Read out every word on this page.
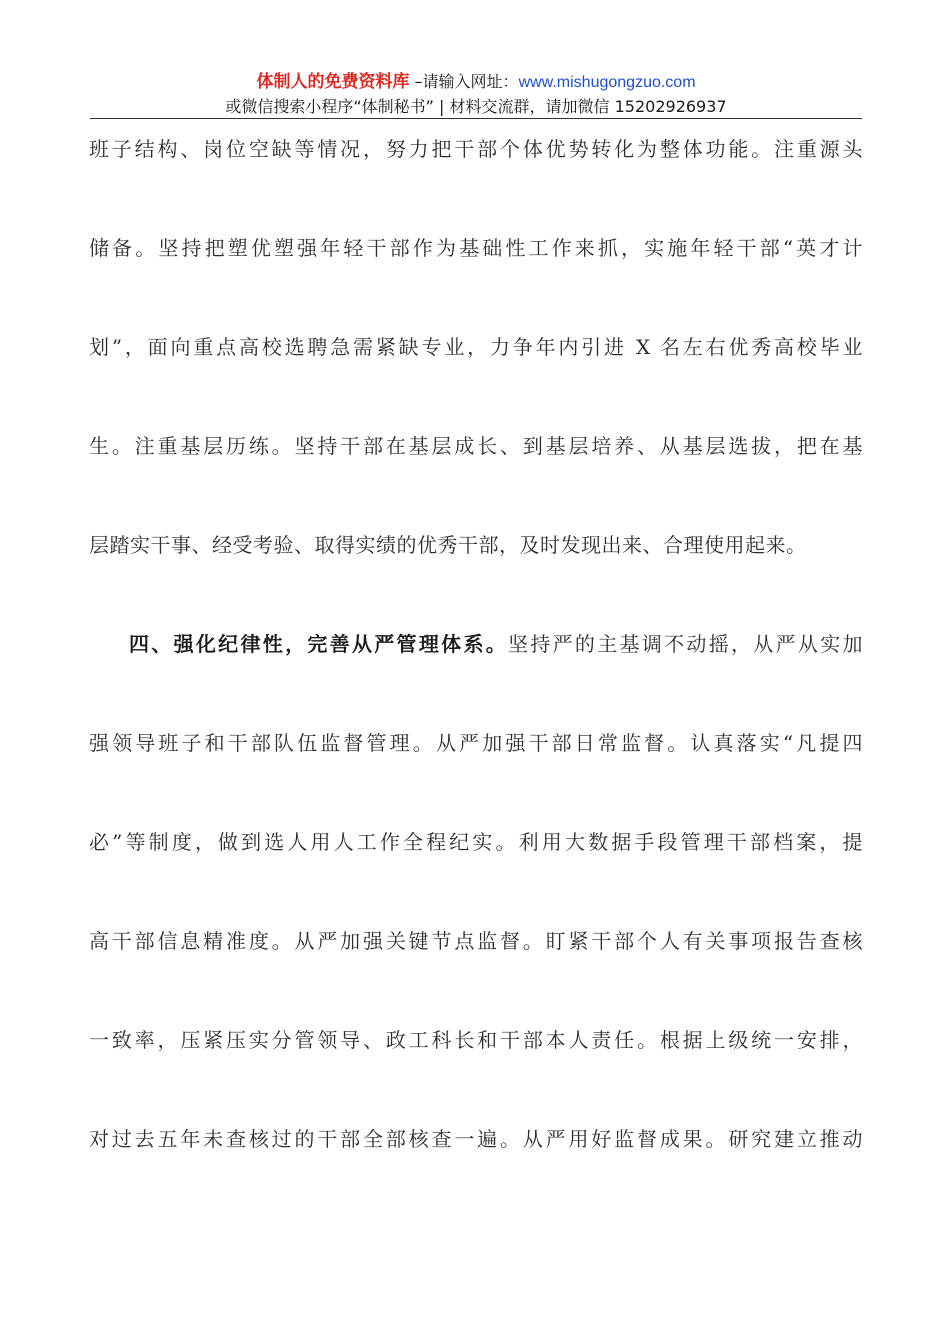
体制人的免费资料库 –请输入网址：www.mishugongzuo.com
或微信搜索小程序“体制秘书” | 材料交流群，请加微信 15202926937
班子结构、岗位空缺等情况，努力把干部个体优势转化为整体功能。注重源头
储备。坚持把塑优塑强年轻干部作为基础性工作来抓，实施年轻干部“英才计
划”，面向重点高校选聘急需紧缺专业，力争年内引进 X 名左右优秀高校毕业
生。注重基层历练。坚持干部在基层成长、到基层培养、从基层选拔，把在基
层踏实干事、经受考验、取得实绩的优秀干部，及时发现出来、合理使用起来。
四、强化纪律性，完善从严管理体系。坚持严的主基调不动摇，从严从实加
强领导班子和干部队伍监督管理。从严加强干部日常监督。认真落实“凡提四
必”等制度，做到选人用人工作全程纪实。利用大数据手段管理干部档案，提
高干部信息精准度。从严加强关键节点监督。盯紧干部个人有关事项报告查核
一致率，压紧压实分管领导、政工科长和干部本人责任。根据上级统一安排，
对过去五年未查核过的干部全部核查一遍。从严用好监督成果。研究建立推动
